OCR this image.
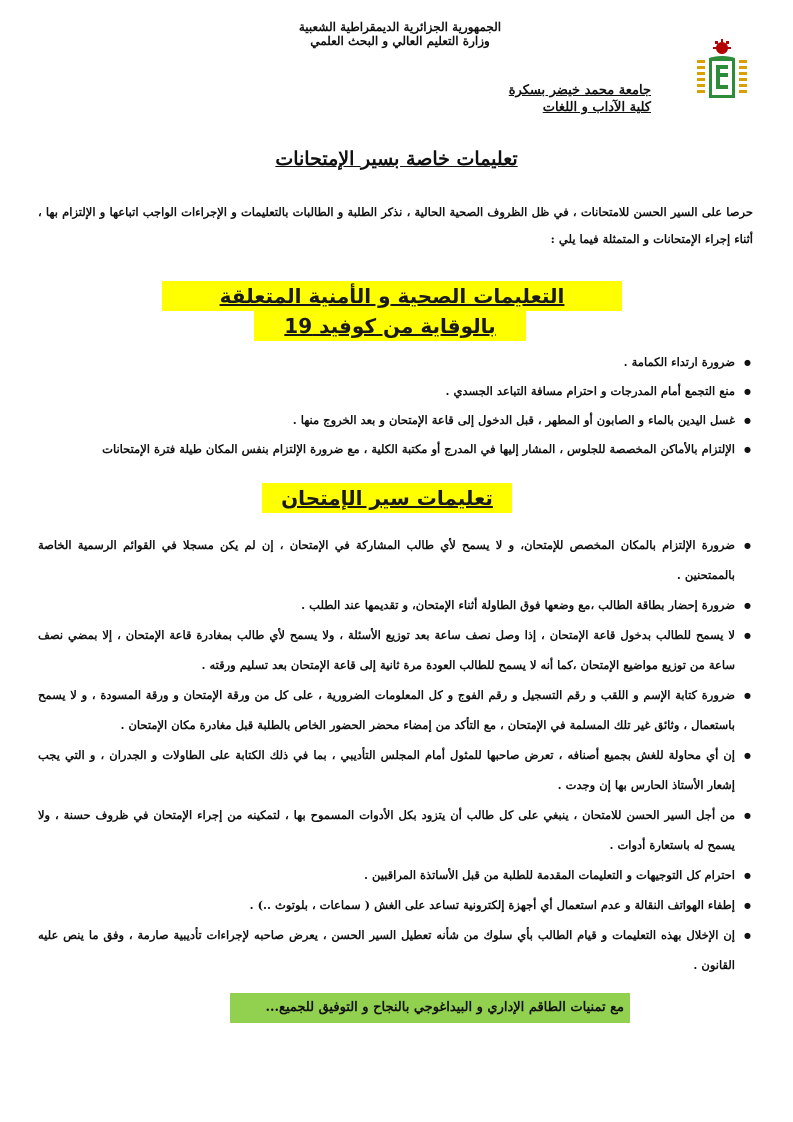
الجمهورية الجزائرية الديمقراطية الشعبية
وزارة التعليم العالي و البحث العلمي
جامعة محمد خيضر بسكرة
كلية الآداب و اللغات
تعليمات خاصة بسير الإمتحانات
حرصا على السير الحسن للامتحانات ، في ظل الظروف الصحية الحالية ، نذكر الطلبة و الطالبات بالتعليمات و الإجراءات الواجب اتباعها و الإلتزام بها ، أثناء إجراء الإمتحانات و المتمثلة فيما يلي :
التعليمات الصحية و الأمنية المتعلقة
بالوقاية من كوفيد 19
● ضرورة ارتداء الكمامة .
● منع التجمع أمام المدرجات و احترام مسافة التباعد الجسدي .
● غسل اليدين بالماء و الصابون أو المطهر ، قبل الدخول إلى قاعة الإمتحان و بعد الخروج منها .
● الإلتزام بالأماكن المخصصة للجلوس ، المشار إليها في المدرج أو مكتبة الكلية ، مع ضرورة الإلتزام بنفس المكان طيلة فترة الإمتحانات
تعليمات سير الإمتحان
● ضرورة الإلتزام بالمكان المخصص للإمتحان، و لا يسمح لأي طالب المشاركة في الإمتحان ، إن لم يكن مسجلا في القوائم الرسمية الخاصة بالممتحنين .
● ضرورة إحضار بطاقة الطالب ،مع وضعها فوق الطاولة أثناء الإمتحان، و تقديمها عند الطلب .
● لا يسمح للطالب بدخول قاعة الإمتحان ، إذا وصل نصف ساعة بعد توزيع الأسئلة ، ولا يسمح لأي طالب بمغادرة قاعة الإمتحان ، إلا بمضي نصف ساعة من توزيع مواضيع الإمتحان ،كما أنه لا يسمح للطالب العودة مرة ثانية إلى قاعة الإمتحان بعد تسليم ورقته .
● ضرورة كتابة الإسم و اللقب و رقم التسجيل و رقم الفوج و كل المعلومات الضرورية ، على كل من ورقة الإمتحان و ورقة المسودة ، و لا يسمح باستعمال ، وثائق غير تلك المسلمة في الإمتحان ، مع التأكد من إمضاء محضر الحضور الخاص بالطلبة قبل مغادرة مكان الإمتحان .
● إن أي محاولة للغش بجميع أصنافه ، تعرض صاحبها للمثول أمام المجلس التأديبي ، بما في ذلك الكتابة على الطاولات و الجدران ، و التي يجب إشعار الأستاذ الحارس بها إن وجدت .
● من أجل السير الحسن للامتحان ، ينبغي على كل طالب أن يتزود بكل الأدوات المسموح بها ، لتمكينه من إجراء الإمتحان في ظروف حسنة ، ولا يسمح له باستعارة أدوات .
● احترام كل التوجيهات و التعليمات المقدمة للطلبة من قبل الأساتذة المراقبين .
● إطفاء الهواتف النقالة و عدم استعمال أي أجهزة إلكترونية تساعد على الغش ( سماعات ، بلوتوث ..) .
● إن الإخلال بهذه التعليمات و قيام الطالب بأي سلوك من شأنه تعطيل السير الحسن ، يعرض صاحبه لإجراءات تأديبية صارمة ، وفق ما ينص عليه القانون .
مع تمنيات الطاقم الإداري و البيداغوجي بالنجاح و التوفيق للجميع...
